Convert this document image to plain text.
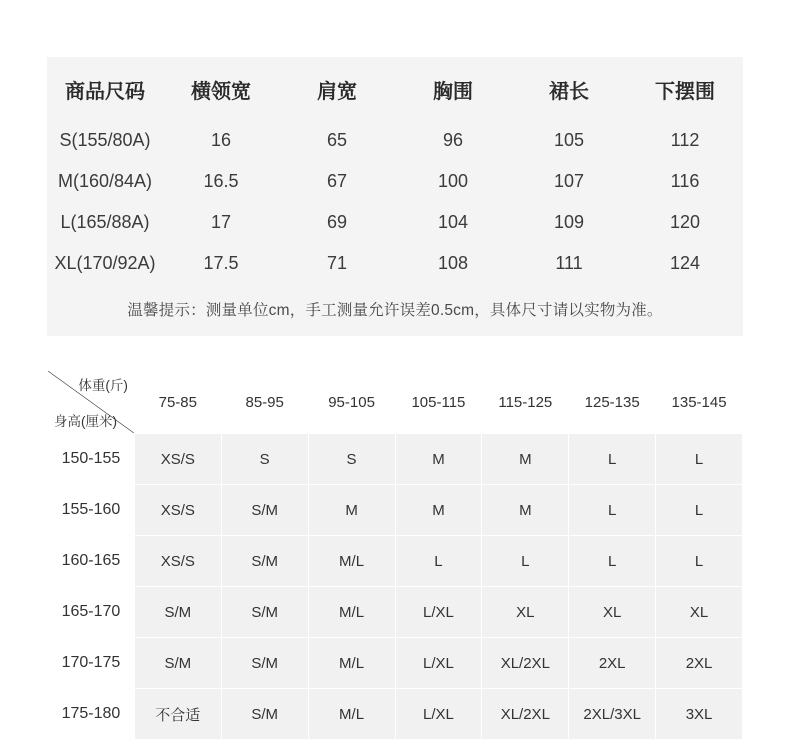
商品尺码	横领宽	肩宽	胸围	裙长	下摆围
S(155/80A)	16	65	96	105	112
M(160/84A)	16.5	67	100	107	116
L(165/88A)	17	69	104	109	120
XL(170/92A)	17.5	71	108	111	124
温馨提示：测量单位cm，手工测量允许误差0.5cm，具体尺寸请以实物为准。
体重(斤)
身高(厘米)	75-85	85-95	95-105	105-115	115-125	125-135	135-145
150-155	XS/S	S	S	M	M	L	L
155-160	XS/S	S/M	M	M	M	L	L
160-165	XS/S	S/M	M/L	L	L	L	L
165-170	S/M	S/M	M/L	L/XL	XL	XL	XL
170-175	S/M	S/M	M/L	L/XL	XL/2XL	2XL	2XL
175-180	不合适	S/M	M/L	L/XL	XL/2XL	2XL/3XL	3XL
